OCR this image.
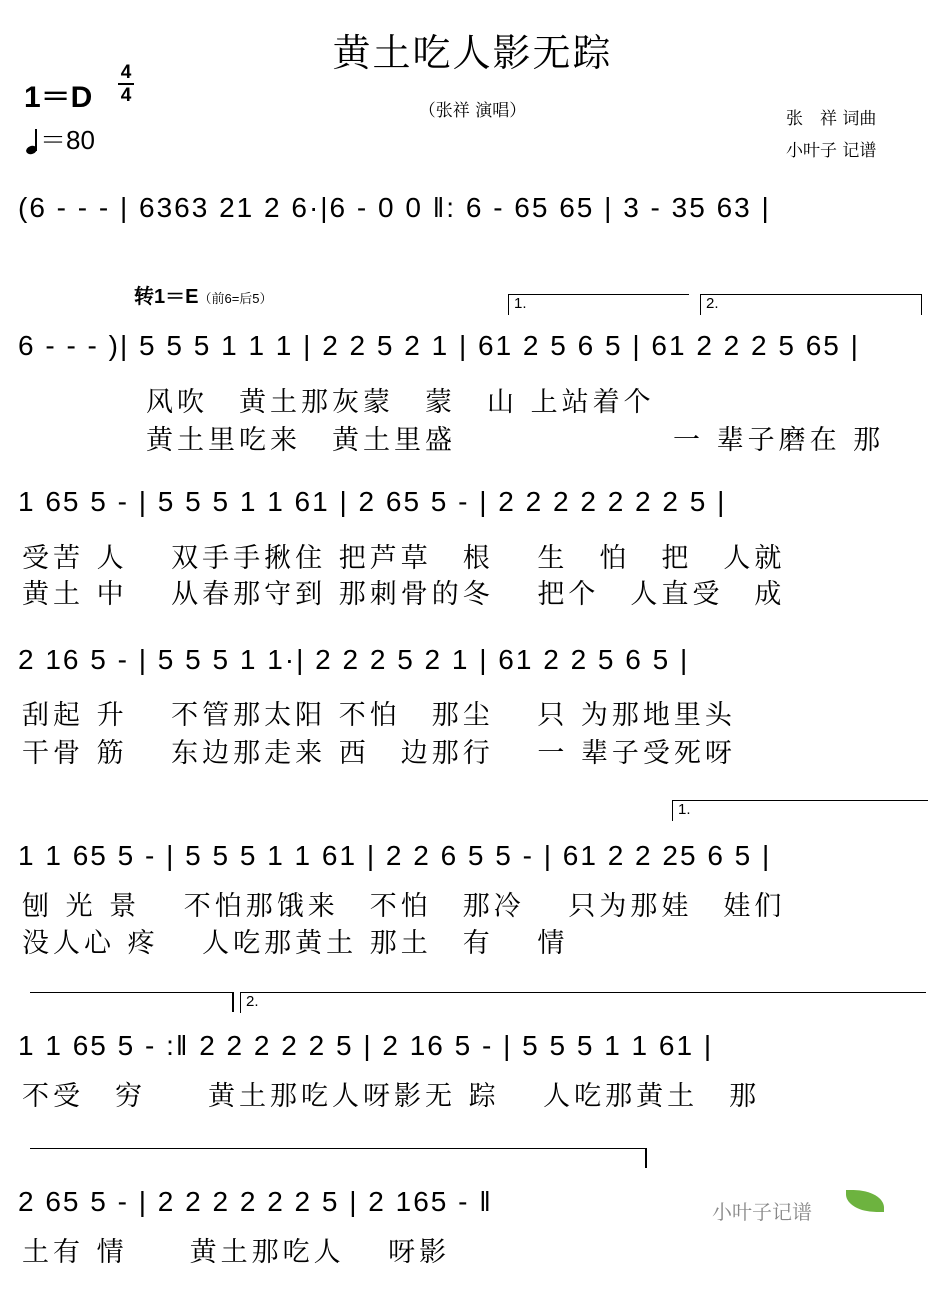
黄土吃人影无踪
（张祥 演唱）	张　祥 词曲
小叶子 记谱
1＝D
4
4
＝80
(6 - - - | 6363 21 2 6·|6 - 0 0 ‖: 6 - 65 65 | 3 - 35 63 |
转1＝E（前6=后5）	1.	2.
6 - - - )| 5 5 5 1 1 1 | 2 2 5 2 1 | 61 2 5 6 5 | 61 2 2 2 5 65 |
风吹　黄土那灰蒙　蒙　山 上站着个
黄土里吃来　黄土里盛　　　　　　　一 辈子磨在 那
1 65 5 - | 5 5 5 1 1 61 | 2 65 5 - | 2 2 2 2 2 2 2 5 |
受苦 人　 双手手揪住 把芦草　根　 生　怕　把　人就
黄土 中　 从春那守到 那刺骨的冬　 把个　人直受　成
2 16 5 - | 5 5 5 1 1·| 2 2 2 5 2 1 | 61 2 2 5 6 5 |
刮起 升　 不管那太阳 不怕　那尘　 只 为那地里头
干骨 筋　 东边那走来 西　边那行　 一 辈子受死呀
1.
1 1 65 5 - | 5 5 5 1 1 61 | 2 2 6 5 5 - | 61 2 2 25 6 5 |
刨 光 景　 不怕那饿来　不怕　那冷　 只为那娃　娃们
没人心 疼　 人吃那黄土 那土　有　 情
2.
1 1 65 5 - :‖ 2 2 2 2 2 5 | 2 16 5 - | 5 5 5 1 1 61 |
不受　穷　　黄土那吃人呀影无 踪　 人吃那黄土　那
2 65 5 - | 2 2 2 2 2 2 5 | 2 165 - ‖
土有 情　　黄土那吃人　 呀影
小叶子记谱
